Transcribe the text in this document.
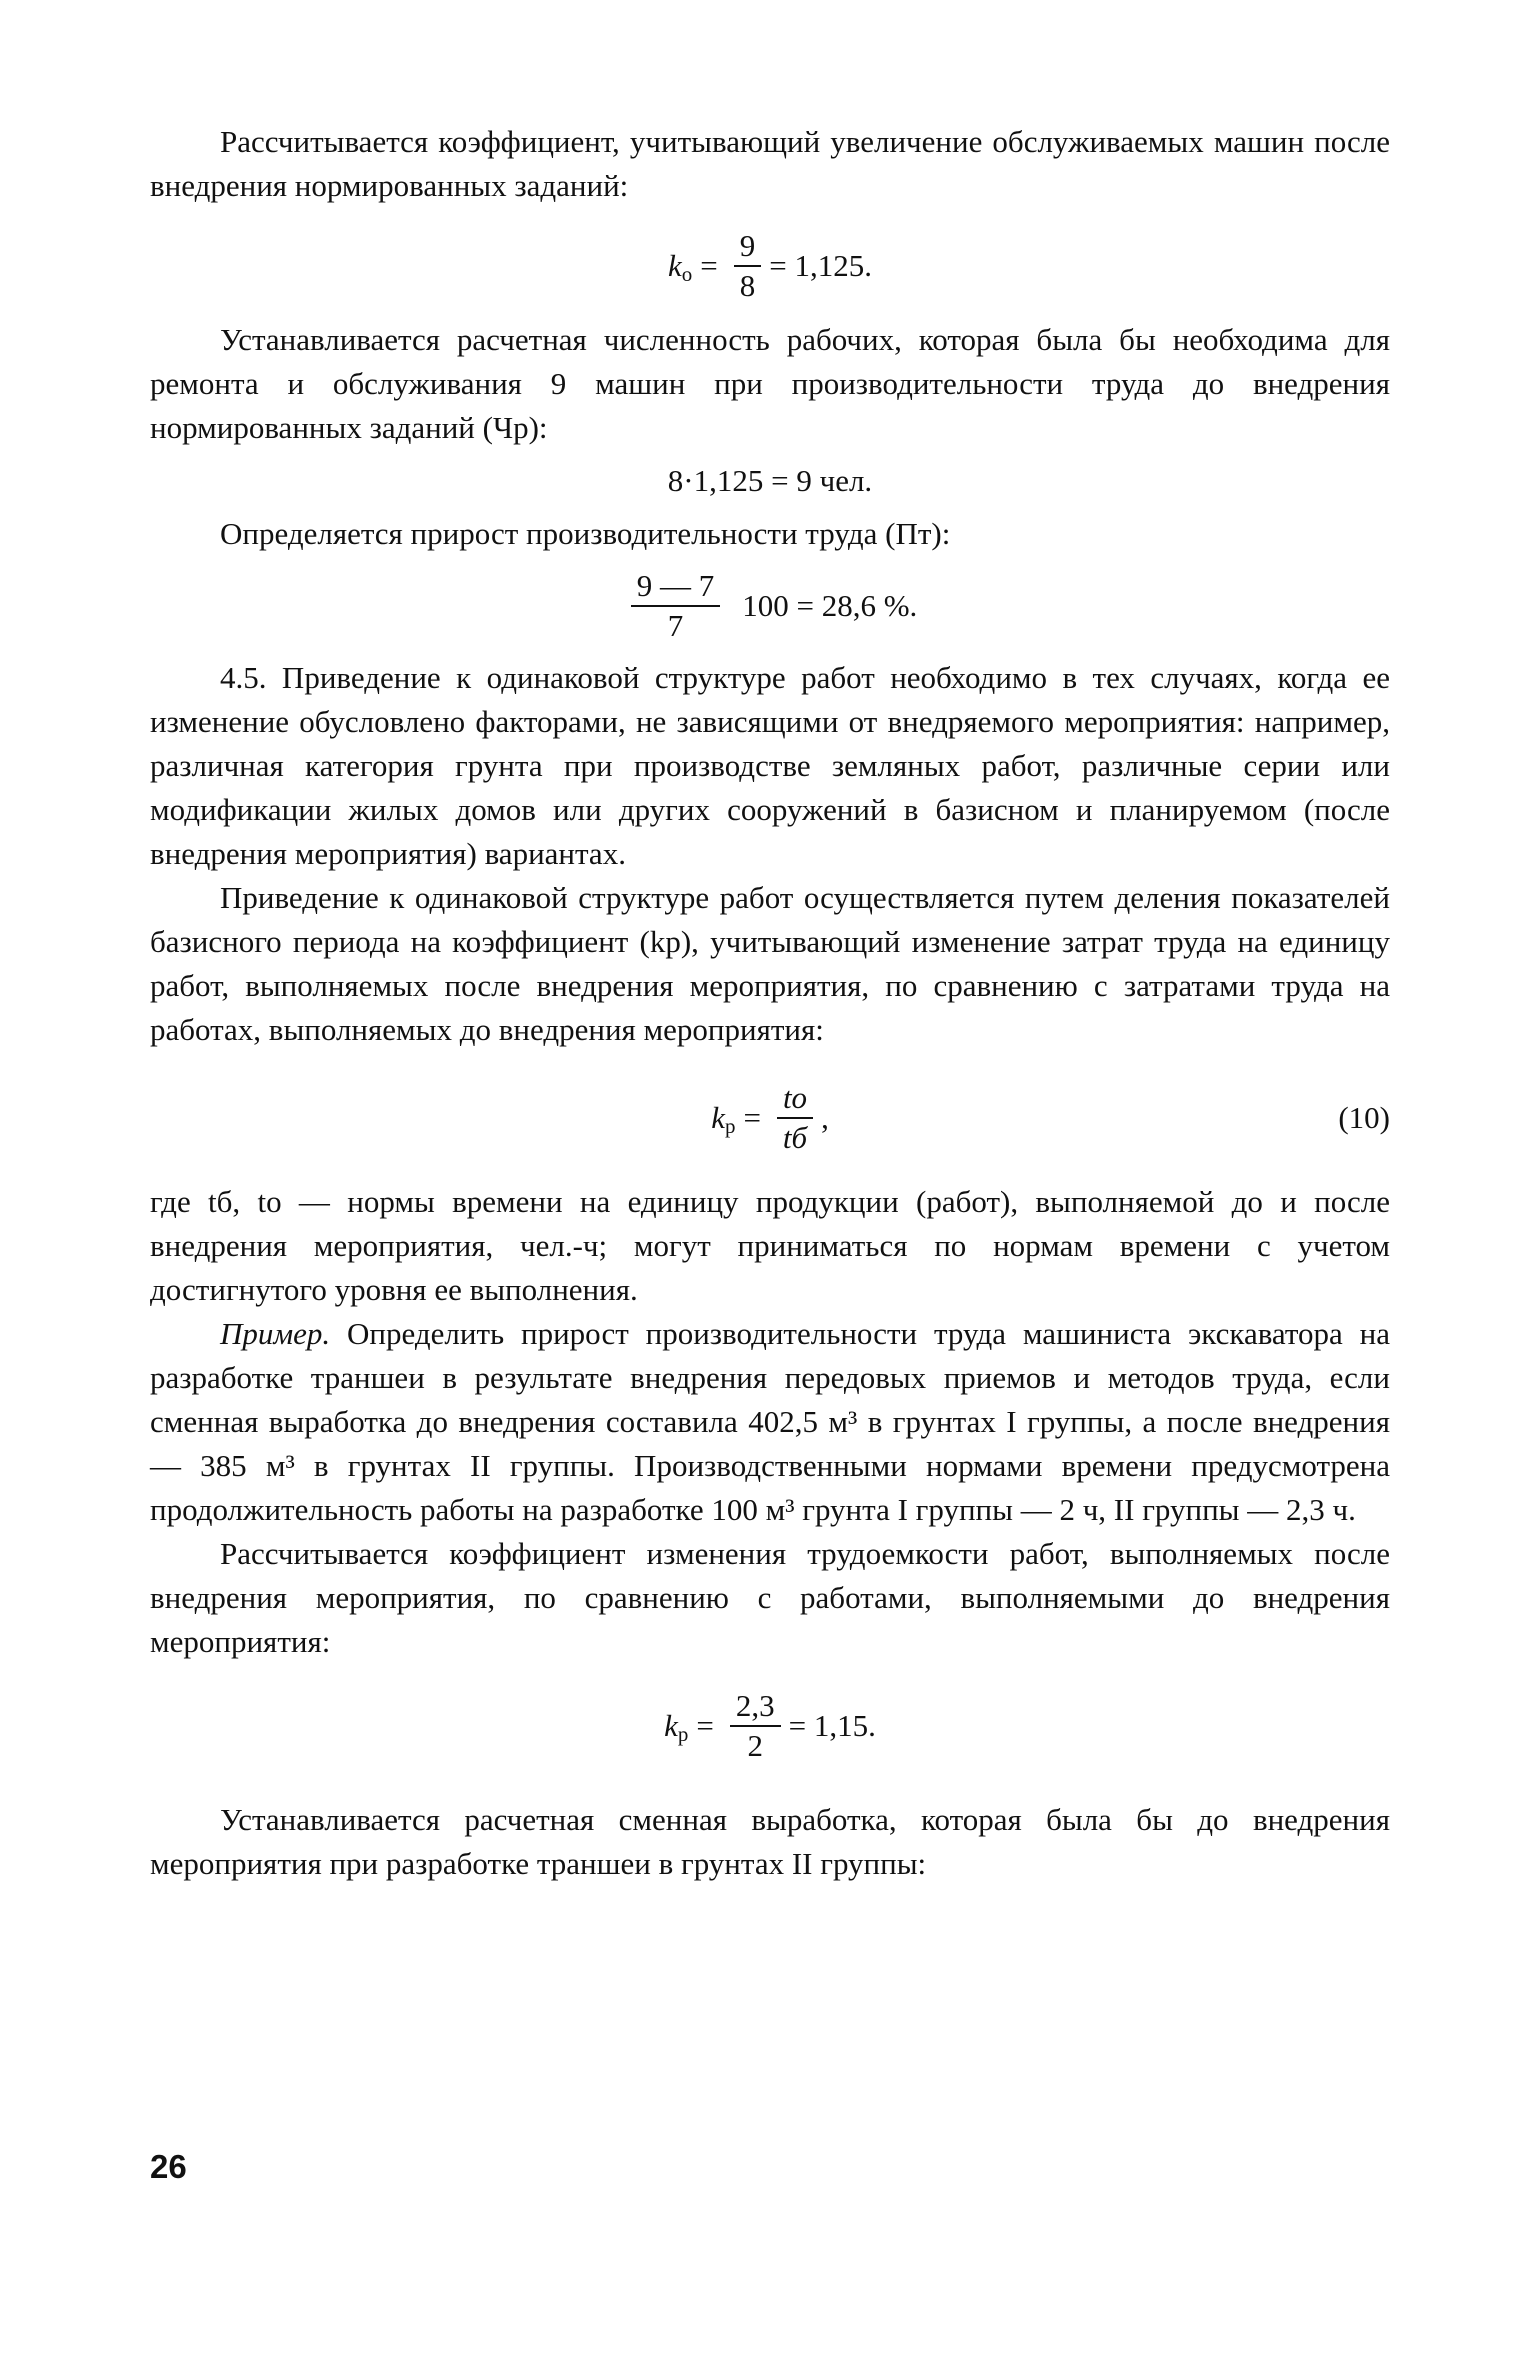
Рассчитывается коэффициент, учитывающий увеличение обслуживаемых машин после внедрения нормированных заданий:

k $o = \frac{9}{8} = 1,125$.

Устанавливается расчетная численность рабочих, которая была бы необходима для ремонта и обслуживания 9 машин при производительности труда до внедрения нормированных заданий (Чр):

8·1,125 = 9 чел.

Определяется прирост производительности труда (Пт):

$\frac{9 — 7}{7} 100 = 28,6$ %.

4.5. Приведение к одинаковой структуре работ необходимо в тех случаях, когда ее изменение обусловлено факторами, не зависящими от внедряемого мероприятия: например, различная категория грунта при производстве земляных работ, различные серии или модификации жилых домов или других сооружений в базисном и планируемом (после внедрения мероприятия) вариантах.

Приведение к одинаковой структуре работ осуществляется путем деления показателей базисного периода на коэффициент (kр), учитывающий изменение затрат труда на единицу работ, выполняемых после внедрения мероприятия, по сравнению с затратами труда на работах, выполняемых до внедрения мероприятия:

k $р = \frac{tо}{tб}$ ,	(10)

где tб, tо — нормы времени на единицу продукции (работ), выполняемой до и после внедрения мероприятия, чел.-ч; могут приниматься по нормам времени с учетом достигнутого уровня ее выполнения.

Пример. Определить прирост производительности труда машиниста экскаватора на разработке траншеи в результате внедрения передовых приемов и методов труда, если сменная выработка до внедрения составила 402,5 м³ в грунтах I группы, а после внедрения — 385 м³ в грунтах II группы. Производственными нормами времени предусмотрена продолжительность работы на разработке 100 м³ грунта I группы — 2 ч, II группы — 2,3 ч.

Рассчитывается коэффициент изменения трудоемкости работ, выполняемых после внедрения мероприятия, по сравнению с работами, выполняемыми до внедрения мероприятия:

k $р = \frac{2,3}{2} = 1,15$.

Устанавливается расчетная сменная выработка, которая была бы до внедрения мероприятия при разработке траншеи в грунтах II группы:

26
